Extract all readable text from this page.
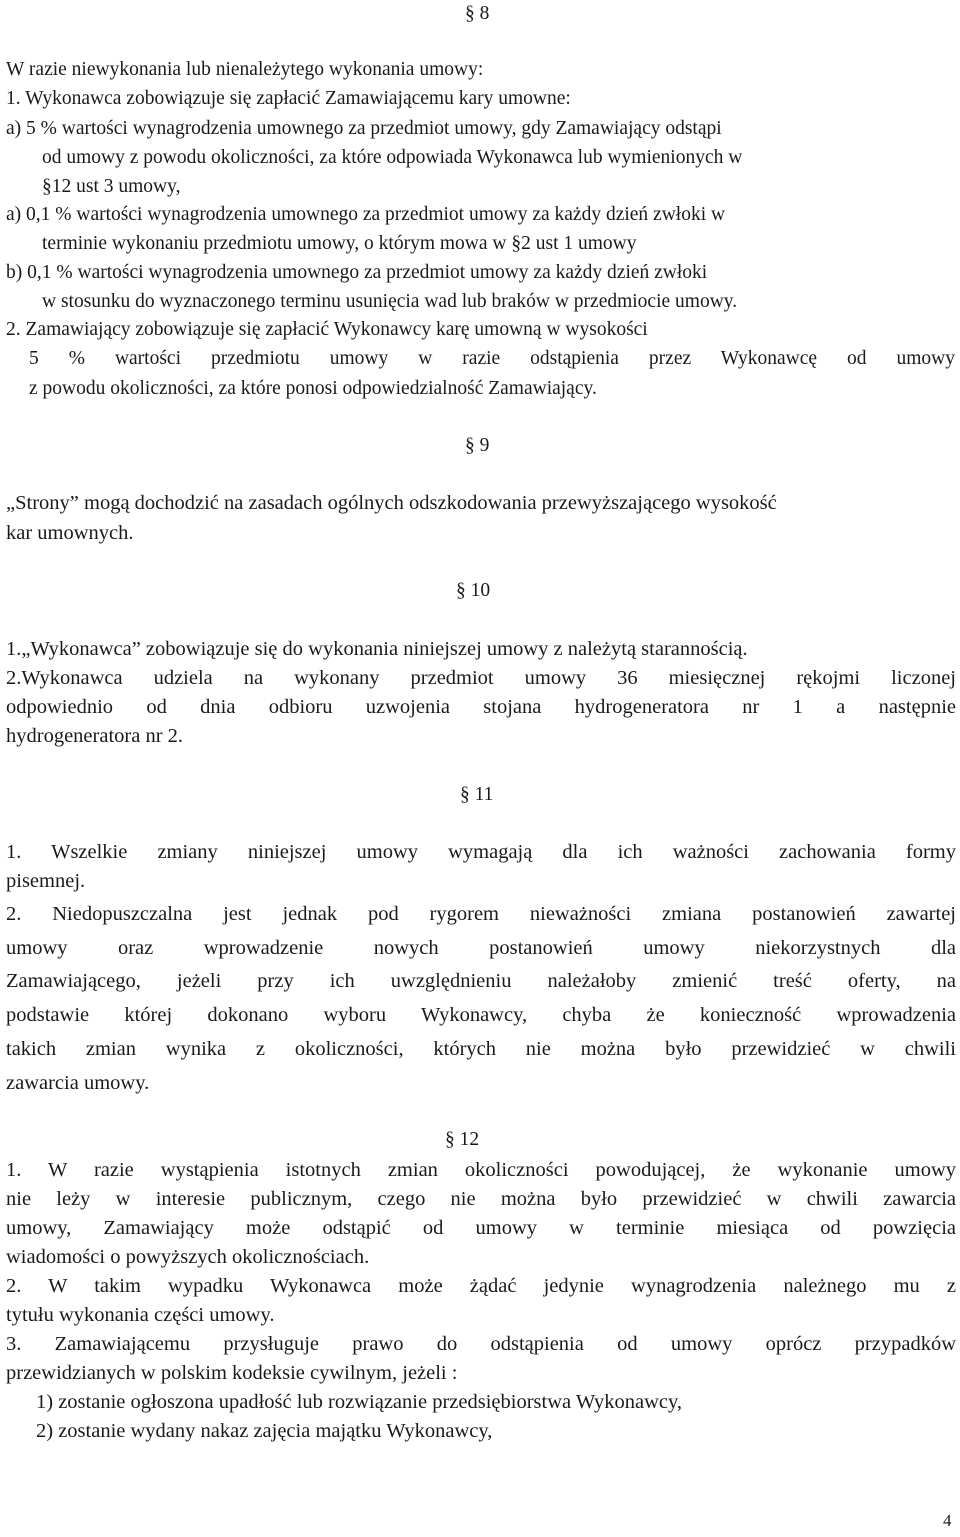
§ 8
W razie niewykonania lub nienależytego wykonania umowy:
1. Wykonawca zobowiązuje się zapłacić Zamawiającemu kary umowne:
a) 5 % wartości wynagrodzenia umownego za przedmiot umowy, gdy Zamawiający odstąpi
od umowy z powodu okoliczności, za które odpowiada Wykonawca lub wymienionych w
§12 ust 3 umowy,
a) 0,1 % wartości wynagrodzenia umownego za przedmiot umowy za każdy dzień zwłoki w
terminie wykonaniu przedmiotu umowy, o którym mowa w §2 ust 1 umowy
b) 0,1 % wartości wynagrodzenia umownego za przedmiot umowy za każdy dzień zwłoki
w stosunku do wyznaczonego terminu usunięcia wad lub braków w przedmiocie umowy.
2. Zamawiający zobowiązuje się zapłacić Wykonawcy karę umowną w wysokości
5 % wartości przedmiotu umowy w razie odstąpienia przez Wykonawcę od umowy
z powodu okoliczności, za które ponosi odpowiedzialność Zamawiający.
§ 9
„Strony” mogą dochodzić na zasadach ogólnych odszkodowania przewyższającego wysokość
kar umownych.
§ 10
1.„Wykonawca” zobowiązuje się do wykonania niniejszej umowy z należytą starannością.
2.Wykonawca udziela na wykonany przedmiot umowy 36 miesięcznej rękojmi liczonej
odpowiednio od dnia odbioru uzwojenia stojana hydrogeneratora nr 1 a następnie
hydrogeneratora nr 2.
§ 11
1. Wszelkie zmiany niniejszej umowy wymagają dla ich ważności zachowania formy
pisemnej.
2. Niedopuszczalna jest jednak pod rygorem nieważności zmiana postanowień zawartej
umowy oraz wprowadzenie nowych postanowień umowy niekorzystnych dla
Zamawiającego, jeżeli przy ich uwzględnieniu należałoby zmienić treść oferty, na
podstawie której dokonano wyboru Wykonawcy, chyba że konieczność wprowadzenia
takich zmian wynika z okoliczności, których nie można było przewidzieć w chwili
zawarcia umowy.
§ 12
1. W razie wystąpienia istotnych zmian okoliczności powodującej, że wykonanie umowy
nie leży w interesie publicznym, czego nie można było przewidzieć w chwili zawarcia
umowy, Zamawiający może odstąpić od umowy w terminie miesiąca od powzięcia
wiadomości o powyższych okolicznościach.
2. W takim wypadku Wykonawca może żądać jedynie wynagrodzenia należnego mu z
tytułu wykonania części umowy.
3. Zamawiającemu przysługuje prawo do odstąpienia od umowy oprócz przypadków
przewidzianych w polskim kodeksie cywilnym, jeżeli :
1) zostanie ogłoszona upadłość lub rozwiązanie przedsiębiorstwa Wykonawcy,
2) zostanie wydany nakaz zajęcia majątku Wykonawcy,
4
